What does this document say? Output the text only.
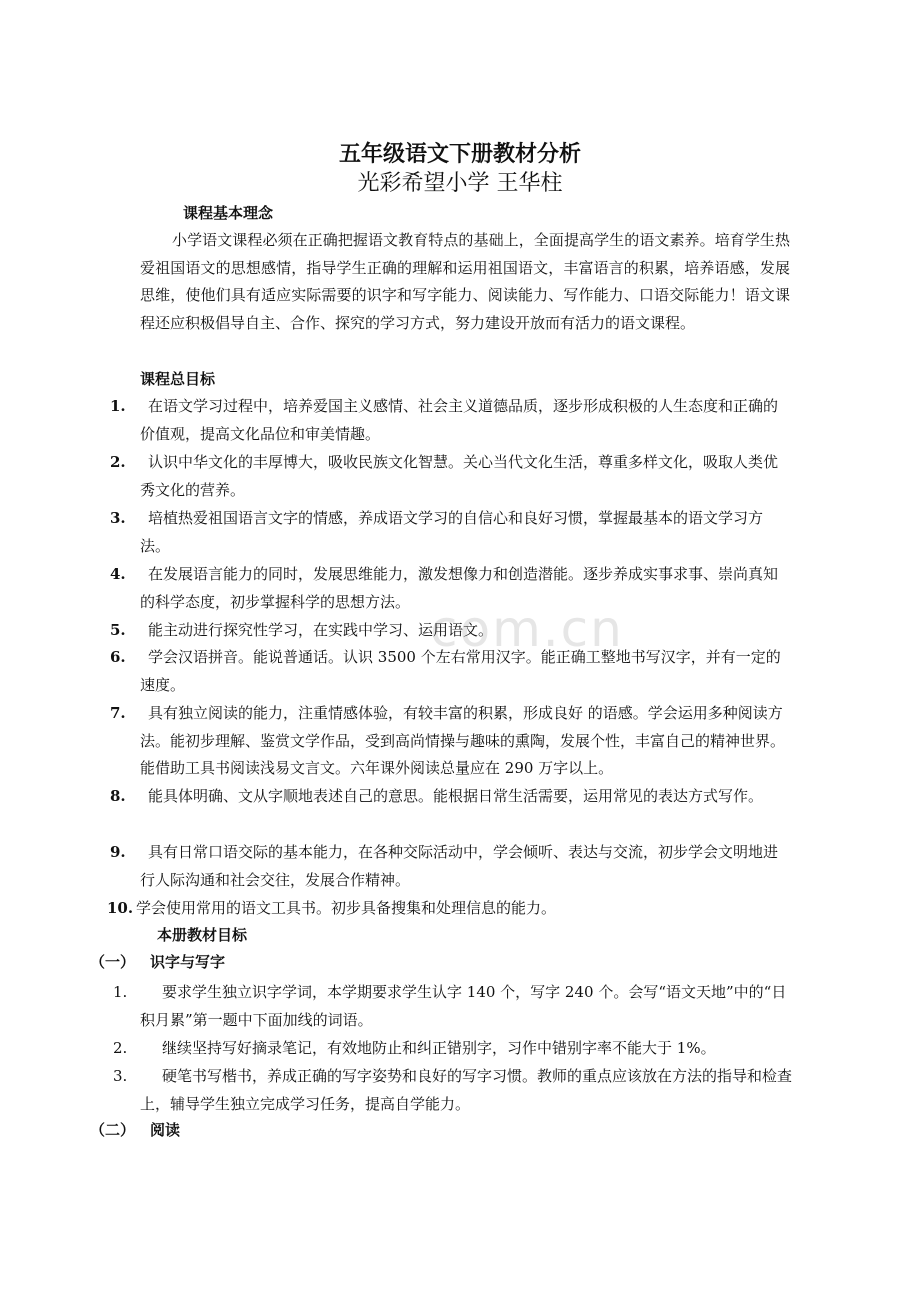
com.cn
五年级语文下册教材分析
光彩希望小学 王华柱
课程基本理念
小学语文课程必须在正确把握语文教育特点的基础上，全面提高学生的语文素养。培育学生热爱祖国语文的思想感情，指导学生正确的理解和运用祖国语文，丰富语言的积累，培养语感，发展思维，使他们具有适应实际需要的识字和写字能力、阅读能力、写作能力、口语交际能力！语文课程还应积极倡导自主、合作、探究的学习方式，努力建设开放而有活力的语文课程。
课程总目标
1.	在语文学习过程中，培养爱国主义感情、社会主义道德品质，逐步形成积极的人生态度和正确的价值观，提高文化品位和审美情趣。
2.	认识中华文化的丰厚博大，吸收民族文化智慧。关心当代文化生活，尊重多样文化，吸取人类优秀文化的营养。
3.	培植热爱祖国语言文字的情感，养成语文学习的自信心和良好习惯，掌握最基本的语文学习方法。
4.	在发展语言能力的同时，发展思维能力，激发想像力和创造潜能。逐步养成实事求事、崇尚真知的科学态度，初步掌握科学的思想方法。
5.	能主动进行探究性学习，在实践中学习、运用语文。
6.	学会汉语拼音。能说普通话。认识 3500 个左右常用汉字。能正确工整地书写汉字，并有一定的速度。
7.	具有独立阅读的能力，注重情感体验，有较丰富的积累，形成良好 的语感。学会运用多种阅读方法。能初步理解、鉴赏文学作品，受到高尚情操与趣味的熏陶，发展个性，丰富自己的精神世界。能借助工具书阅读浅易文言文。六年课外阅读总量应在 290 万字以上。
8.	能具体明确、文从字顺地表述自己的意思。能根据日常生活需要，运用常见的表达方式写作。
9.	具有日常口语交际的基本能力，在各种交际活动中，学会倾听、表达与交流，初步学会文明地进行人际沟通和社会交往，发展合作精神。
10. 学会使用常用的语文工具书。初步具备搜集和处理信息的能力。
本册教材目标
（一） 识字与写字
1.	要求学生独立识字学词，本学期要求学生认字 140 个，写字 240 个。会写“语文天地”中的“日积月累”第一题中下面加线的词语。
2.	继续坚持写好摘录笔记，有效地防止和纠正错别字，习作中错别字率不能大于 1%。
3.	硬笔书写楷书，养成正确的写字姿势和良好的写字习惯。教师的重点应该放在方法的指导和检查上，辅导学生独立完成学习任务，提高自学能力。
（二） 阅读
